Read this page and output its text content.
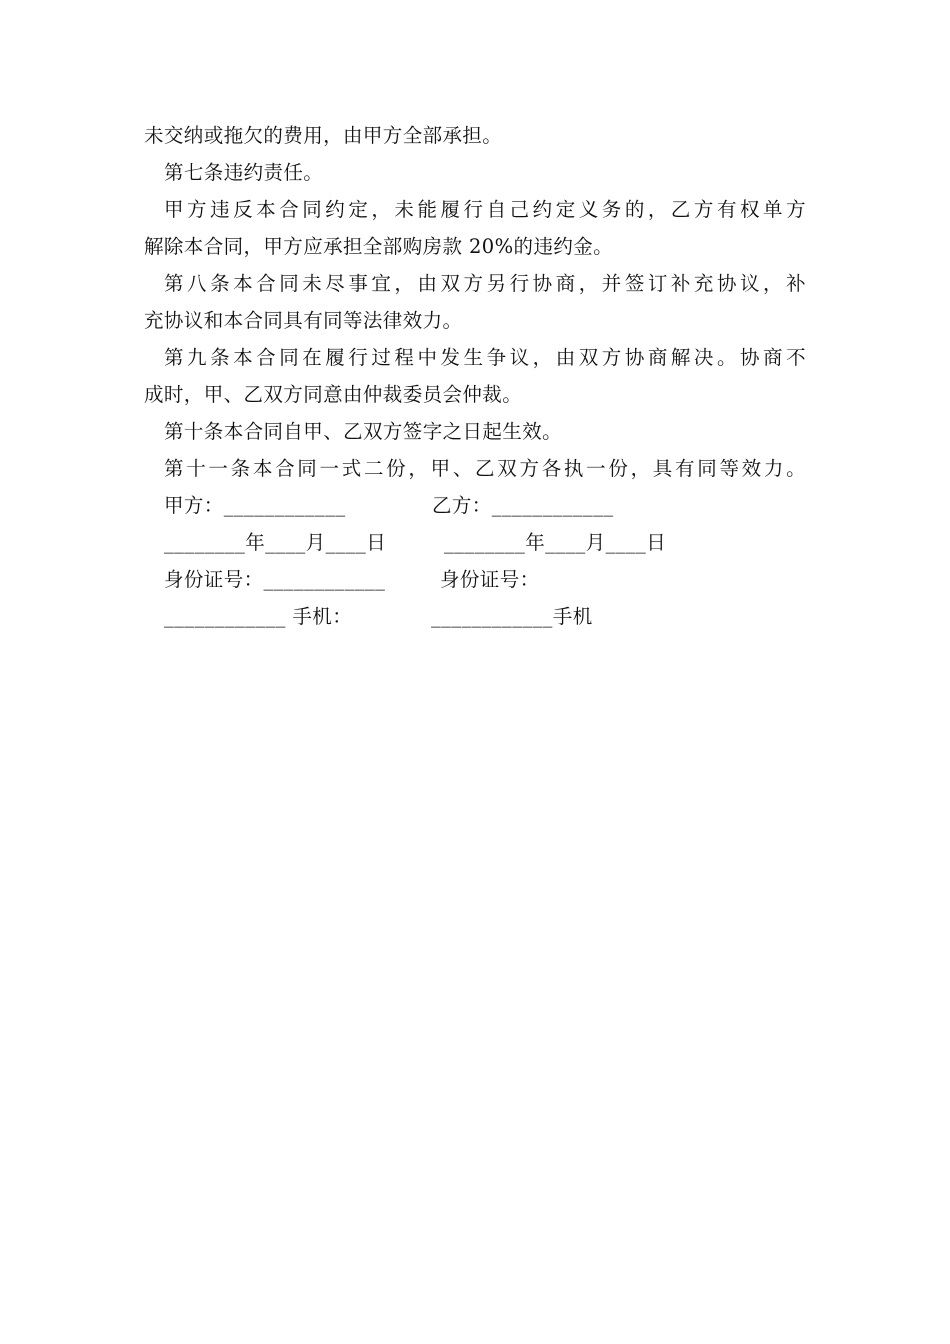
未交纳或拖欠的费用，由甲方全部承担。
第七条违约责任。
甲方违反本合同约定，未能履行自己约定义务的，乙方有权单方
解除本合同，甲方应承担全部购房款 20%的违约金。
第八条本合同未尽事宜，由双方另行协商，并签订补充协议，补
充协议和本合同具有同等法律效力。
第九条本合同在履行过程中发生争议，由双方协商解决。协商不
成时，甲、乙双方同意由仲裁委员会仲裁。
第十条本合同自甲、乙双方签字之日起生效。
第十一条本合同一式二份，甲、乙双方各执一份，具有同等效力。
甲方：____________	乙方：____________
________年____月____日	________年____月____日
身份证号：____________	身份证号：
____________ 手机：	____________手机
